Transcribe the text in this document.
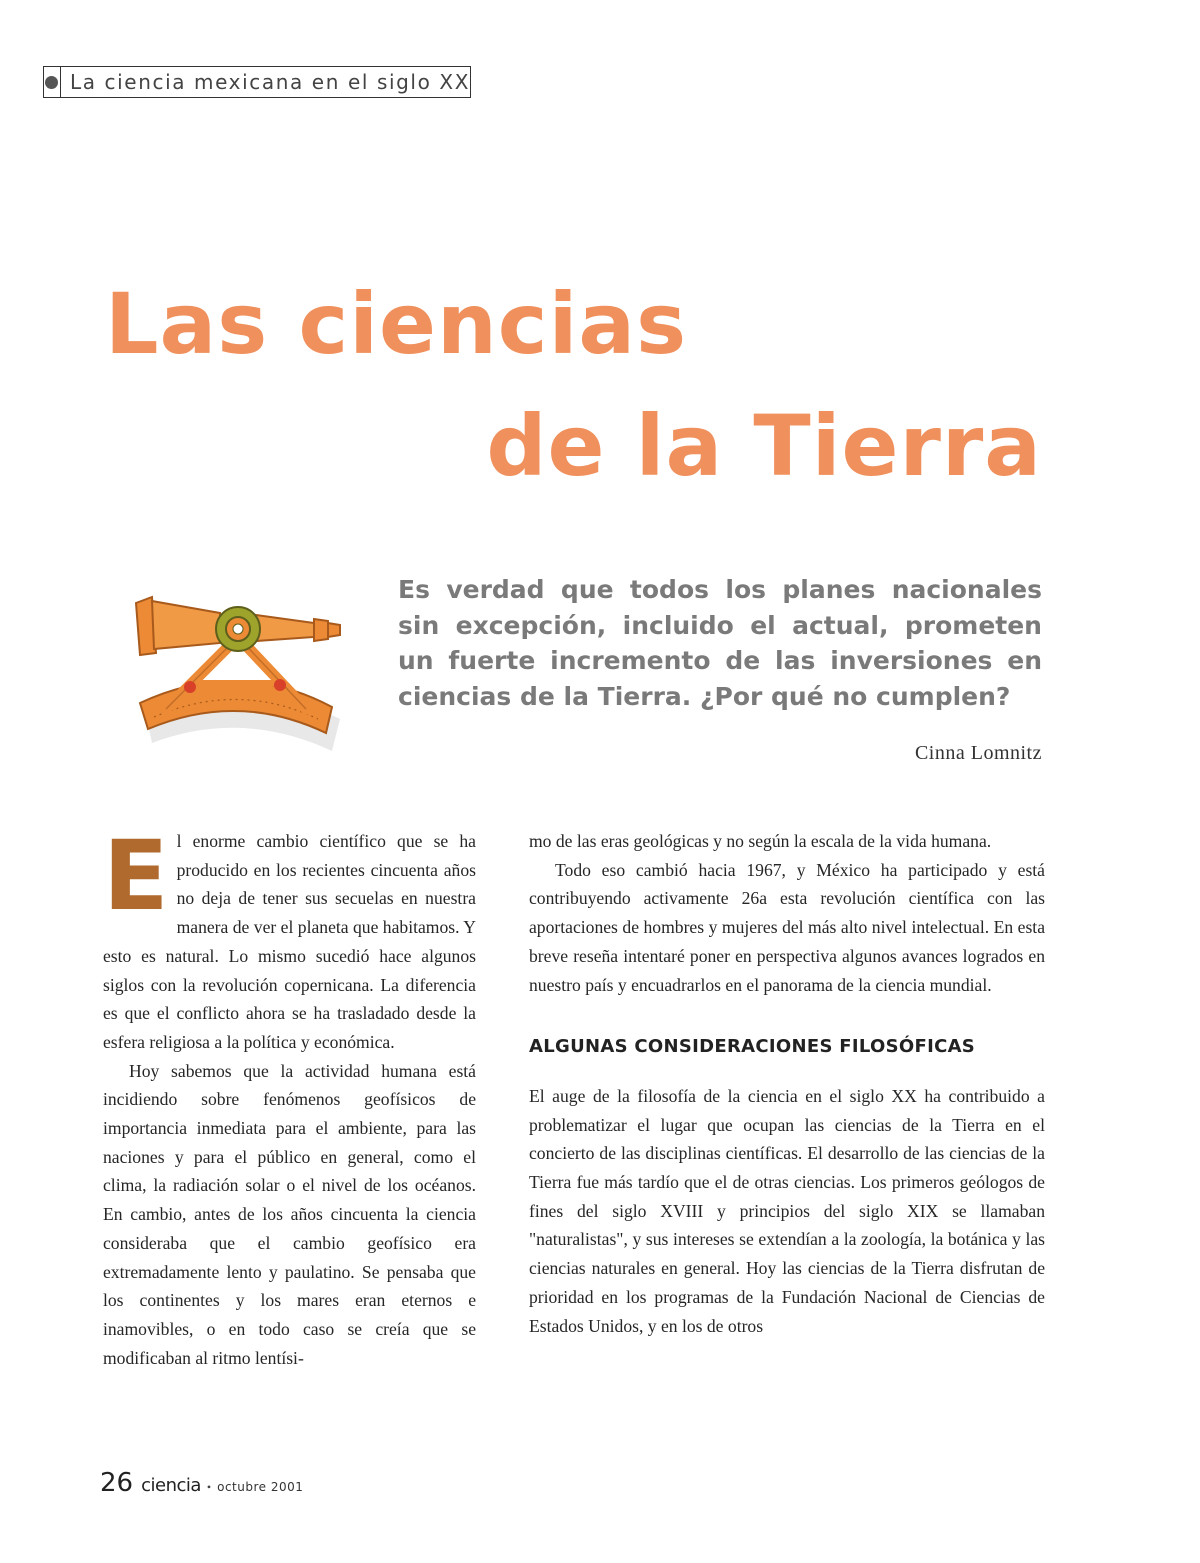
La ciencia mexicana en el siglo XX
Las ciencias
de la Tierra

Es verdad que todos los planes nacionales sin excepción, incluido el actual, prometen un fuerte incremento de las inversiones en ciencias de la Tierra. ¿Por qué no cumplen?

Cinna Lomnitz

El enorme cambio científico que se ha producido en los recientes cincuenta años no deja de tener sus secuelas en nuestra manera de ver el planeta que habitamos. Y esto es natural. Lo mismo sucedió hace algunos siglos con la revolución copernicana. La diferencia es que el conflicto ahora se ha trasladado desde la esfera religiosa a la política y económica.

Hoy sabemos que la actividad humana está incidiendo sobre fenómenos geofísicos de importancia inmediata para el ambiente, para las naciones y para el público en general, como el clima, la radiación solar o el nivel de los océanos. En cambio, antes de los años cincuenta la ciencia consideraba que el cambio geofísico era extremadamente lento y paulatino. Se pensaba que los continentes y los mares eran eternos e inamovibles, o en todo caso se creía que se modificaban al ritmo lentísi-

mo de las eras geológicas y no según la escala de la vida humana.

Todo eso cambió hacia 1967, y México ha participado y está contribuyendo activamente 26a esta revolución científica con las aportaciones de hombres y mujeres del más alto nivel intelectual. En esta breve reseña intentaré poner en perspectiva algunos avances logrados en nuestro país y encuadrarlos en el panorama de la ciencia mundial.

ALGUNAS CONSIDERACIONES FILOSÓFICAS

El auge de la filosofía de la ciencia en el siglo XX ha contribuido a problematizar el lugar que ocupan las ciencias de la Tierra en el concierto de las disciplinas científicas. El desarrollo de las ciencias de la Tierra fue más tardío que el de otras ciencias. Los primeros geólogos de fines del siglo XVIII y principios del siglo XIX se llamaban "naturalistas", y sus intereses se extendían a la zoología, la botánica y las ciencias naturales en general. Hoy las ciencias de la Tierra disfrutan de prioridad en los programas de la Fundación Nacional de Ciencias de Estados Unidos, y en los de otros

26 ciencia • octubre 2001
